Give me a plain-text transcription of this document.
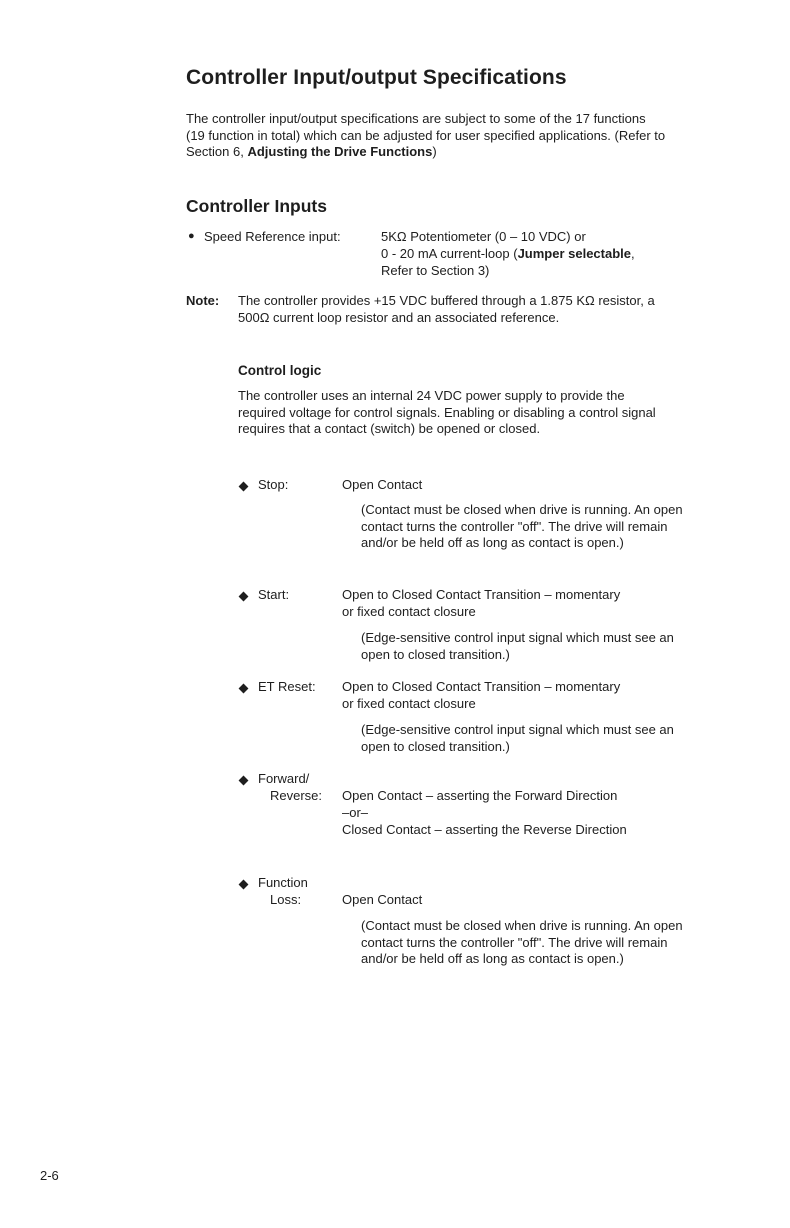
Controller Input/output Specifications

The controller input/output specifications are subject to some of the 17 functions (19 function in total) which can be adjusted for user specified applications. (Refer to Section 6, Adjusting the Drive Functions)

Controller Inputs
● Speed Reference input:	5KΩ Potentiometer (0 – 10 VDC) or
0 - 20 mA current-loop (Jumper selectable, Refer to Section 3)
Note: The controller provides +15 VDC buffered through a 1.875 KΩ resistor, a 500Ω current loop resistor and an associated reference.
Control logic
The controller uses an internal 24 VDC power supply to provide the required voltage for control signals. Enabling or disabling a control signal requires that a contact (switch) be opened or closed.
Stop:	Open Contact
(Contact must be closed when drive is running. An open contact turns the controller "off". The drive will remain and/or be held off as long as contact is open.)
Start:	Open to Closed Contact Transition – momentary or fixed contact closure
(Edge-sensitive control input signal which must see an open to closed transition.)
ET Reset: Open to Closed Contact Transition – momentary or fixed contact closure
(Edge-sensitive control input signal which must see an open to closed transition.)
Forward/
Reverse: Open Contact – asserting the Forward Direction
–or–
Closed Contact – asserting the Reverse Direction
Function
Loss:	Open Contact
(Contact must be closed when drive is running. An open contact turns the controller "off". The drive will remain and/or be held off as long as contact is open.)
2-6
